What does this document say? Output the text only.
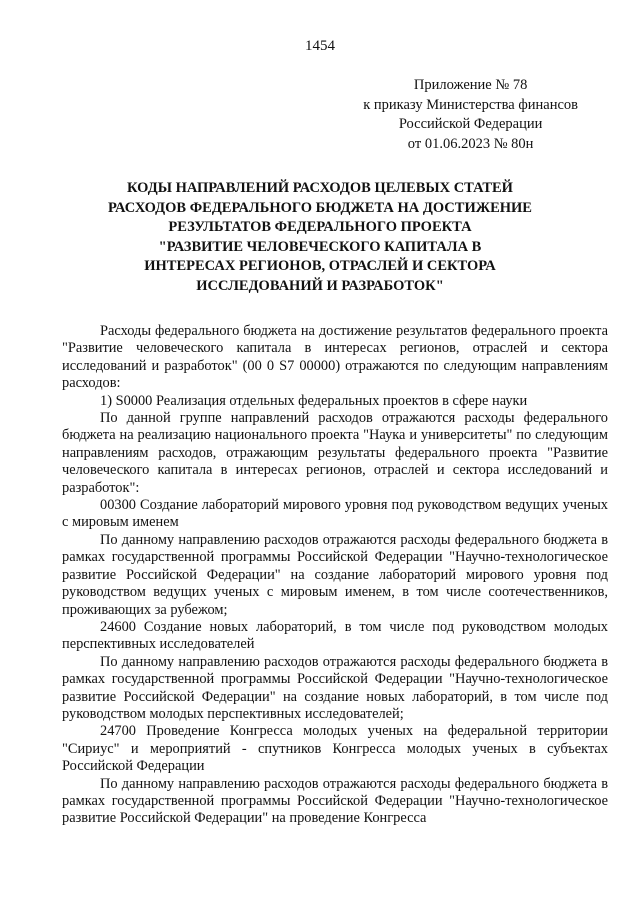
1454
Приложение № 78
к приказу Министерства финансов
Российской Федерации
от 01.06.2023 № 80н
КОДЫ НАПРАВЛЕНИЙ РАСХОДОВ ЦЕЛЕВЫХ СТАТЕЙ
РАСХОДОВ ФЕДЕРАЛЬНОГО БЮДЖЕТА НА ДОСТИЖЕНИЕ
РЕЗУЛЬТАТОВ ФЕДЕРАЛЬНОГО ПРОЕКТА
"РАЗВИТИЕ ЧЕЛОВЕЧЕСКОГО КАПИТАЛА В
ИНТЕРЕСАХ РЕГИОНОВ, ОТРАСЛЕЙ И СЕКТОРА
ИССЛЕДОВАНИЙ И РАЗРАБОТОК"

Расходы федерального бюджета на достижение результатов федерального проекта "Развитие человеческого капитала в интересах регионов, отраслей и сектора исследований и разработок" (00 0 S7 00000) отражаются по следующим направлениям расходов:

1) S0000 Реализация отдельных федеральных проектов в сфере науки

По данной группе направлений расходов отражаются расходы федерального бюджета на реализацию национального проекта "Наука и университеты" по следующим направлениям расходов, отражающим результаты федерального проекта "Развитие человеческого капитала в интересах регионов, отраслей и сектора исследований и разработок":

00300 Создание лабораторий мирового уровня под руководством ведущих ученых с мировым именем

По данному направлению расходов отражаются расходы федерального бюджета в рамках государственной программы Российской Федерации "Научно-технологическое развитие Российской Федерации" на создание лабораторий мирового уровня под руководством ведущих ученых с мировым именем, в том числе соотечественников, проживающих за рубежом;

24600 Создание новых лабораторий, в том числе под руководством молодых перспективных исследователей

По данному направлению расходов отражаются расходы федерального бюджета в рамках государственной программы Российской Федерации "Научно-технологическое развитие Российской Федерации" на создание новых лабораторий, в том числе под руководством молодых перспективных исследователей;

24700 Проведение Конгресса молодых ученых на федеральной территории "Сириус" и мероприятий - спутников Конгресса молодых ученых в субъектах Российской Федерации

По данному направлению расходов отражаются расходы федерального бюджета в рамках государственной программы Российской Федерации "Научно-технологическое развитие Российской Федерации" на проведение Конгресса
